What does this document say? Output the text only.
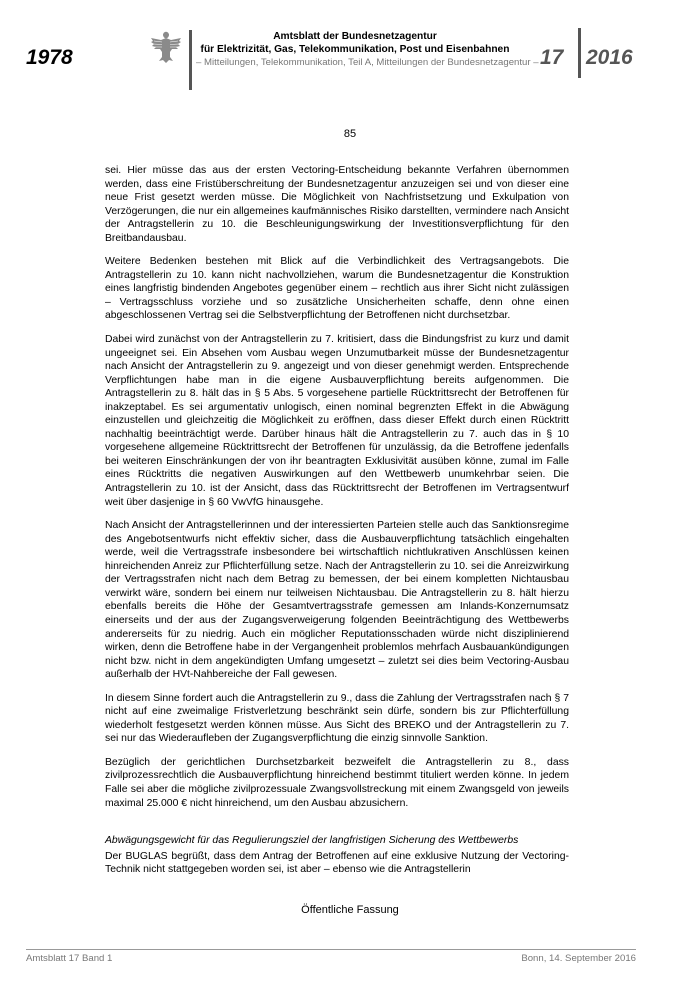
1978
Amtsblatt der Bundesnetzagentur
für Elektrizität, Gas, Telekommunikation, Post und Eisenbahnen
– Mitteilungen, Telekommunikation, Teil A, Mitteilungen der Bundesnetzagentur – 17 2016
85

sei. Hier müsse das aus der ersten Vectoring-Entscheidung bekannte Verfahren übernommen werden, dass eine Fristüberschreitung der Bundesnetzagentur anzuzeigen sei und von dieser eine neue Frist gesetzt werden müsse. Die Möglichkeit von Nachfristsetzung und Exkulpation von Verzögerungen, die nur ein allgemeines kaufmännisches Risiko darstellten, vermindere nach Ansicht der Antragstellerin zu 10. die Beschleunigungswirkung der Investitionsverpflichtung für den Breitbandausbau.

Weitere Bedenken bestehen mit Blick auf die Verbindlichkeit des Vertragsangebots. Die Antragstellerin zu 10. kann nicht nachvollziehen, warum die Bundesnetzagentur die Konstruktion eines langfristig bindenden Angebotes gegenüber einem – rechtlich aus ihrer Sicht nicht zulässigen – Vertragsschluss vorziehe und so zusätzliche Unsicherheiten schaffe, denn ohne einen abgeschlossenen Vertrag sei die Selbstverpflichtung der Betroffenen nicht durchsetzbar.

Dabei wird zunächst von der Antragstellerin zu 7. kritisiert, dass die Bindungsfrist zu kurz und damit ungeeignet sei. Ein Absehen vom Ausbau wegen Unzumutbarkeit müsse der Bundesnetzagentur nach Ansicht der Antragstellerin zu 9. angezeigt und von dieser genehmigt werden. Entsprechende Verpflichtungen habe man in die eigene Ausbauverpflichtung bereits aufgenommen. Die Antragstellerin zu 8. hält das in § 5 Abs. 5 vorgesehene partielle Rücktrittsrecht der Betroffenen für inakzeptabel. Es sei argumentativ unlogisch, einen nominal begrenzten Effekt in die Abwägung einzustellen und gleichzeitig die Möglichkeit zu eröffnen, dass dieser Effekt durch einen Rücktritt nachhaltig beeinträchtigt werde. Darüber hinaus hält die Antragstellerin zu 7. auch das in § 10 vorgesehene allgemeine Rücktrittsrecht der Betroffenen für unzulässig, da die Betroffene jedenfalls bei weiteren Einschränkungen der von ihr beantragten Exklusivität ausüben könne, zumal im Falle eines Rücktritts die negativen Auswirkungen auf den Wettbewerb unumkehrbar seien. Die Antragstellerin zu 10. ist der Ansicht, dass das Rücktrittsrecht der Betroffenen im Vertragsentwurf weit über dasjenige in § 60 VwVfG hinausgehe.

Nach Ansicht der Antragstellerinnen und der interessierten Parteien stelle auch das Sanktionsregime des Angebotsentwurfs nicht effektiv sicher, dass die Ausbauverpflichtung tatsächlich eingehalten werde, weil die Vertragsstrafe insbesondere bei wirtschaftlich nichtlukrativen Anschlüssen keinen hinreichenden Anreiz zur Pflichterfüllung setze. Nach der Antragstellerin zu 10. sei die Anreizwirkung der Vertragsstrafen nicht nach dem Betrag zu bemessen, der bei einem kompletten Nichtausbau verwirkt wäre, sondern bei einem nur teilweisen Nichtausbau. Die Antragstellerin zu 8. hält hierzu ebenfalls bereits die Höhe der Gesamtvertragsstrafe gemessen am Inlands-Konzernumsatz einerseits und der aus der Zugangsverweigerung folgenden Beeinträchtigung des Wettbewerbs andererseits für zu niedrig. Auch ein möglicher Reputationsschaden würde nicht disziplinierend wirken, denn die Betroffene habe in der Vergangenheit problemlos mehrfach Ausbauankündigungen nicht bzw. nicht in dem angekündigten Umfang umgesetzt – zuletzt sei dies beim Vectoring-Ausbau außerhalb der HVt-Nahbereiche der Fall gewesen.

In diesem Sinne fordert auch die Antragstellerin zu 9., dass die Zahlung der Vertragsstrafen nach § 7 nicht auf eine zweimalige Fristverletzung beschränkt sein dürfe, sondern bis zur Pflichterfüllung wiederholt festgesetzt werden können müsse. Aus Sicht des BREKO und der Antragstellerin zu 7. sei nur das Wiederaufleben der Zugangsverpflichtung die einzig sinnvolle Sanktion.

Bezüglich der gerichtlichen Durchsetzbarkeit bezweifelt die Antragstellerin zu 8., dass zivilprozessrechtlich die Ausbauverpflichtung hinreichend bestimmt tituliert werden könne. In jedem Falle sei aber die mögliche zivilprozessuale Zwangsvollstreckung mit einem Zwangsgeld von jeweils maximal 25.000 € nicht hinreichend, um den Ausbau abzusichern.

Abwägungsgewicht für das Regulierungsziel der langfristigen Sicherung des Wettbewerbs

Der BUGLAS begrüßt, dass dem Antrag der Betroffenen auf eine exklusive Nutzung der Vectoring-Technik nicht stattgegeben worden sei, ist aber – ebenso wie die Antragstellerin

Öffentliche Fassung
Amtsblatt 17 Band 1	Bonn, 14. September 2016
